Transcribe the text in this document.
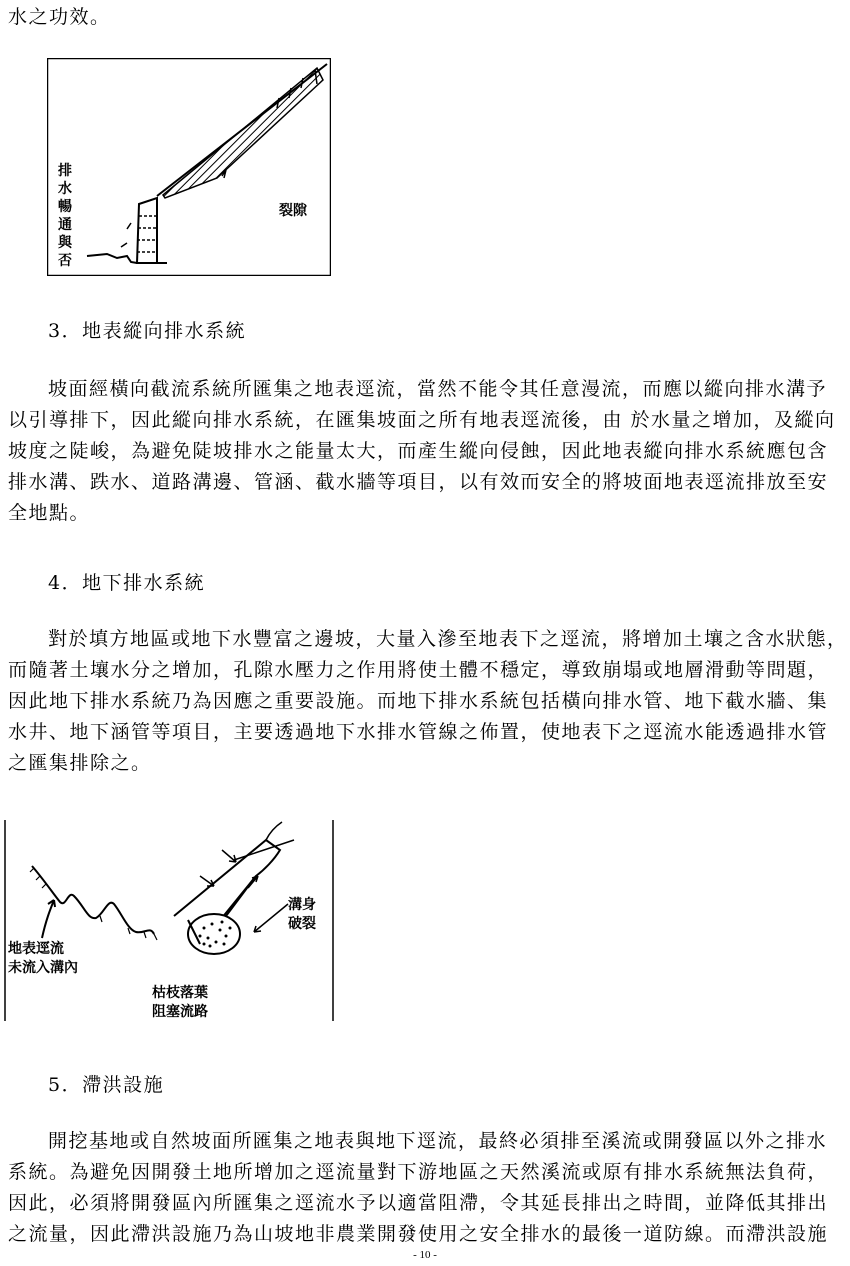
水之功效。
排水暢通與否
裂隙
3．地表縱向排水系統
坡面經橫向截流系統所匯集之地表逕流，當然不能令其任意漫流，而應以縱向排水溝予
以引導排下，因此縱向排水系統，在匯集坡面之所有地表逕流後，由 於水量之增加，及縱向
坡度之陡峻，為避免陡坡排水之能量太大，而產生縱向侵蝕，因此地表縱向排水系統應包含
排水溝、跌水、道路溝邊、管涵、截水牆等項目，以有效而安全的將坡面地表逕流排放至安
全地點。
4．地下排水系統
對於填方地區或地下水豐富之邊坡，大量入滲至地表下之逕流，將增加土壤之含水狀態，
而隨著土壤水分之增加，孔隙水壓力之作用將使土體不穩定，導致崩塌或地層滑動等問題，
因此地下排水系統乃為因應之重要設施。而地下排水系統包括橫向排水管、地下截水牆、集
水井、地下涵管等項目，主要透過地下水排水管線之佈置，使地表下之逕流水能透過排水管
之匯集排除之。
地表逕流
未流入溝內
溝身
破裂
枯枝落葉
阻塞流路
5．滯洪設施
開挖基地或自然坡面所匯集之地表與地下逕流，最終必須排至溪流或開發區以外之排水
系統。為避免因開發土地所增加之逕流量對下游地區之天然溪流或原有排水系統無法負荷，
因此，必須將開發區內所匯集之逕流水予以適當阻滯，令其延長排出之時間，並降低其排出
之流量，因此滯洪設施乃為山坡地非農業開發使用之安全排水的最後一道防線。而滯洪設施
- 10 -
